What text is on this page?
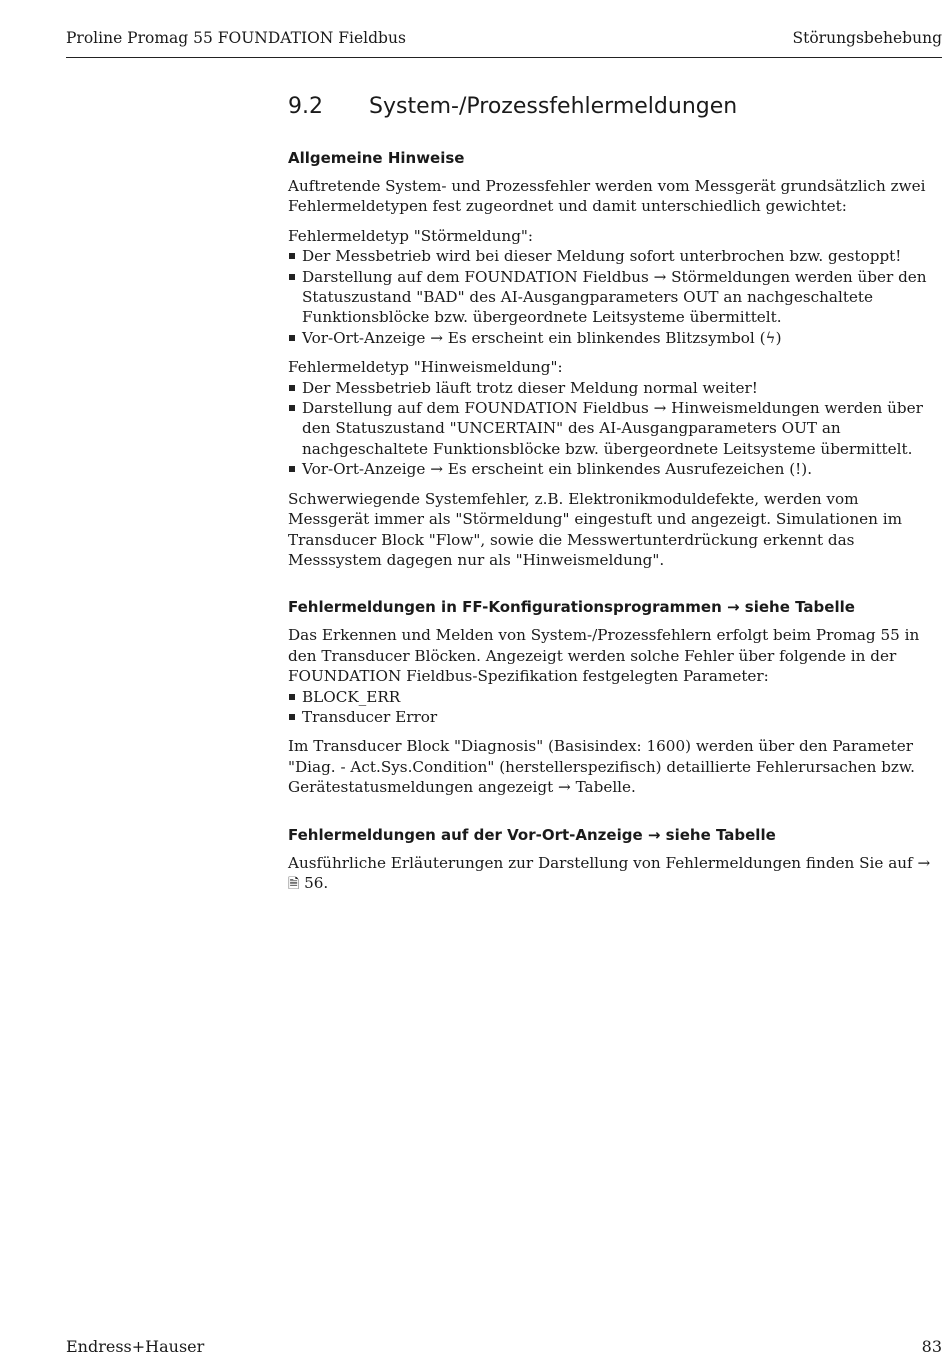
Proline Promag 55 FOUNDATION Fieldbus	Störungsbehebung
9.2	System-/Prozessfehlermeldungen
Allgemeine Hinweise

Auftretende System- und Prozessfehler werden vom Messgerät grundsätzlich zwei Fehlermeldetypen fest zugeordnet und damit unterschiedlich gewichtet:

Fehlermeldetyp "Störmeldung":

Der Messbetrieb wird bei dieser Meldung sofort unterbrochen bzw. gestoppt!
Darstellung auf dem FOUNDATION Fieldbus → Störmeldungen werden über den Statuszustand "BAD" des AI-Ausgangparameters OUT an nachgeschaltete Funktionsblöcke bzw. übergeordnete Leitsysteme übermittelt.
Vor-Ort-Anzeige → Es erscheint ein blinkendes Blitzsymbol (ϟ)

Fehlermeldetyp "Hinweismeldung":

Der Messbetrieb läuft trotz dieser Meldung normal weiter!
Darstellung auf dem FOUNDATION Fieldbus → Hinweismeldungen werden über den Statuszustand "UNCERTAIN" des AI-Ausgangparameters OUT an nachgeschaltete Funktionsblöcke bzw. übergeordnete Leitsysteme übermittelt.
Vor-Ort-Anzeige → Es erscheint ein blinkendes Ausrufezeichen (!).

Schwerwiegende Systemfehler, z.B. Elektronikmoduldefekte, werden vom Messgerät immer als "Störmeldung" eingestuft und angezeigt. Simulationen im Transducer Block "Flow", sowie die Messwertunterdrückung erkennt das Messsystem dagegen nur als "Hinweismeldung".

Fehlermeldungen in FF-Konfigurationsprogrammen → siehe Tabelle

Das Erkennen und Melden von System-/Prozessfehlern erfolgt beim Promag 55 in den Transducer Blöcken. Angezeigt werden solche Fehler über folgende in der FOUNDATION Fieldbus-Spezifikation festgelegten Parameter:

BLOCK_ERR
Transducer Error

Im Transducer Block "Diagnosis" (Basisindex: 1600) werden über den Parameter "Diag. - Act.Sys.Condition" (herstellerspezifisch) detaillierte Fehlerursachen bzw. Gerätestatusmeldungen angezeigt → Tabelle.

Fehlermeldungen auf der Vor-Ort-Anzeige → siehe Tabelle

Ausführliche Erläuterungen zur Darstellung von Fehlermeldungen finden Sie auf → 🗎 56.

Endress+Hauser	83
